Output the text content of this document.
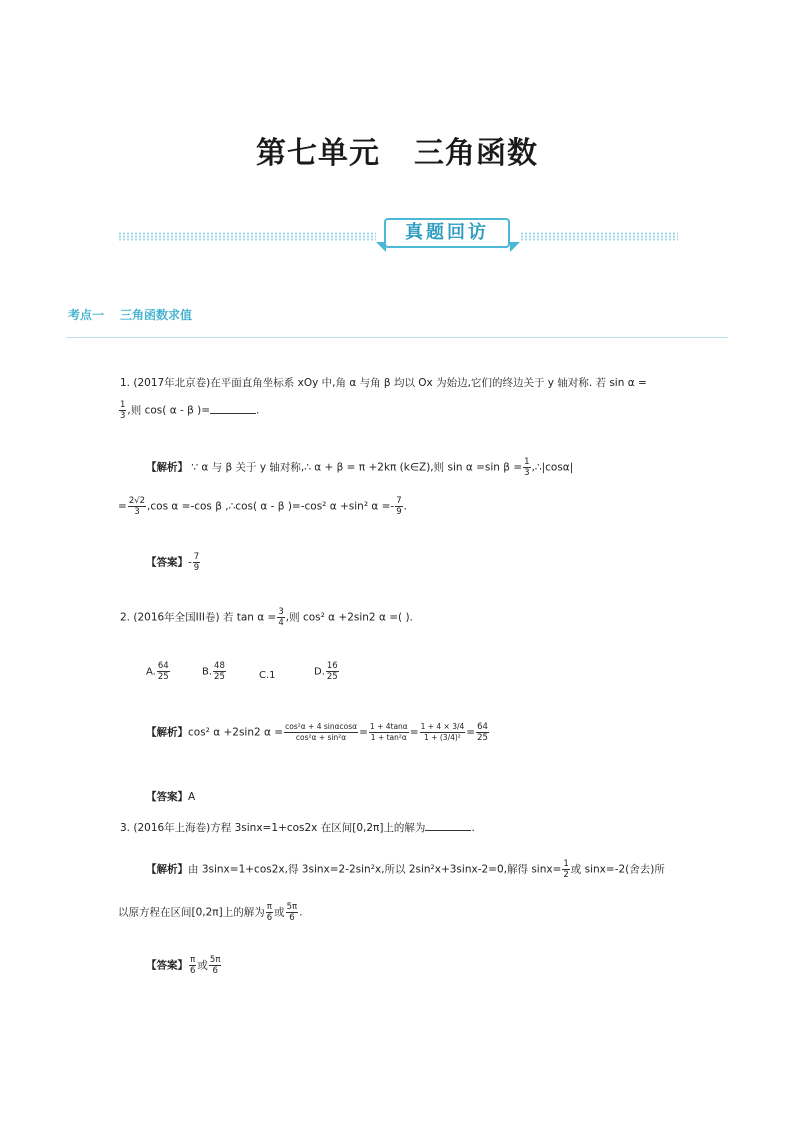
第七单元 三角函数
真题回访
考点一 三角函数求值
1. (2017年北京卷)在平面直角坐标系 xOy 中,角 α 与角 β 均以 Ox 为始边,它们的终边关于 y 轴对称. 若 sin α =
$\frac{1}{3}$ ,则 cos( α - β )=	.
【解析】 ∵ α 与 β 关于 y 轴对称,∴ α + β = π +2kπ (k∈Z),则 sin α =sin $\beta = \frac{1}{3}$ ,∴|cosα|
= $\frac{2√2}{3} ,\cos$ α =-cos β ,∴cos( α - β )=-cos² α +sin² $\alpha =- \frac{7}{9}$ .
【答案】- $\frac{7}{9}$
2. (2016年全国III卷) 若 $\tan \alpha = \frac{3}{4}$ ,则 cos² α +2sin2 α =( ).
A. $\frac{64}{25}$	B. $\frac{48}{25}$	C.1	D. $\frac{16}{25}$
【解析】cos² α +2sin2 $\alpha = \frac{\text{cos²α + 4 sinαcosα}}{\text{cos²α + sin²α}} = \frac{1 + 4\tan\alpha}{\text{1 + tan²α}} = \frac{1 + 4 \times 3/4}{\text{1 + (3/4)²}} = \frac{64}{25}$
【答案】A
3. (2016年上海卷)方程 3sinx=1+cos2x 在区间[0,2π]上的解为	.
【解析】由 3sinx=1+cos2x,得 3sinx=2-2sin²x,所以 2sin²x+3sinx-2=0,解得 $\sin x= \frac{1}{2}$ 或 sinx=-2(舍去)所
以原方程在区间[0,2π]上的解为 $\frac{\pi}{6}$ 或 $\frac{5\pi}{6}$ .
【答案】 $\frac{\pi}{6}$ 或 $\frac{5\pi}{6}$
